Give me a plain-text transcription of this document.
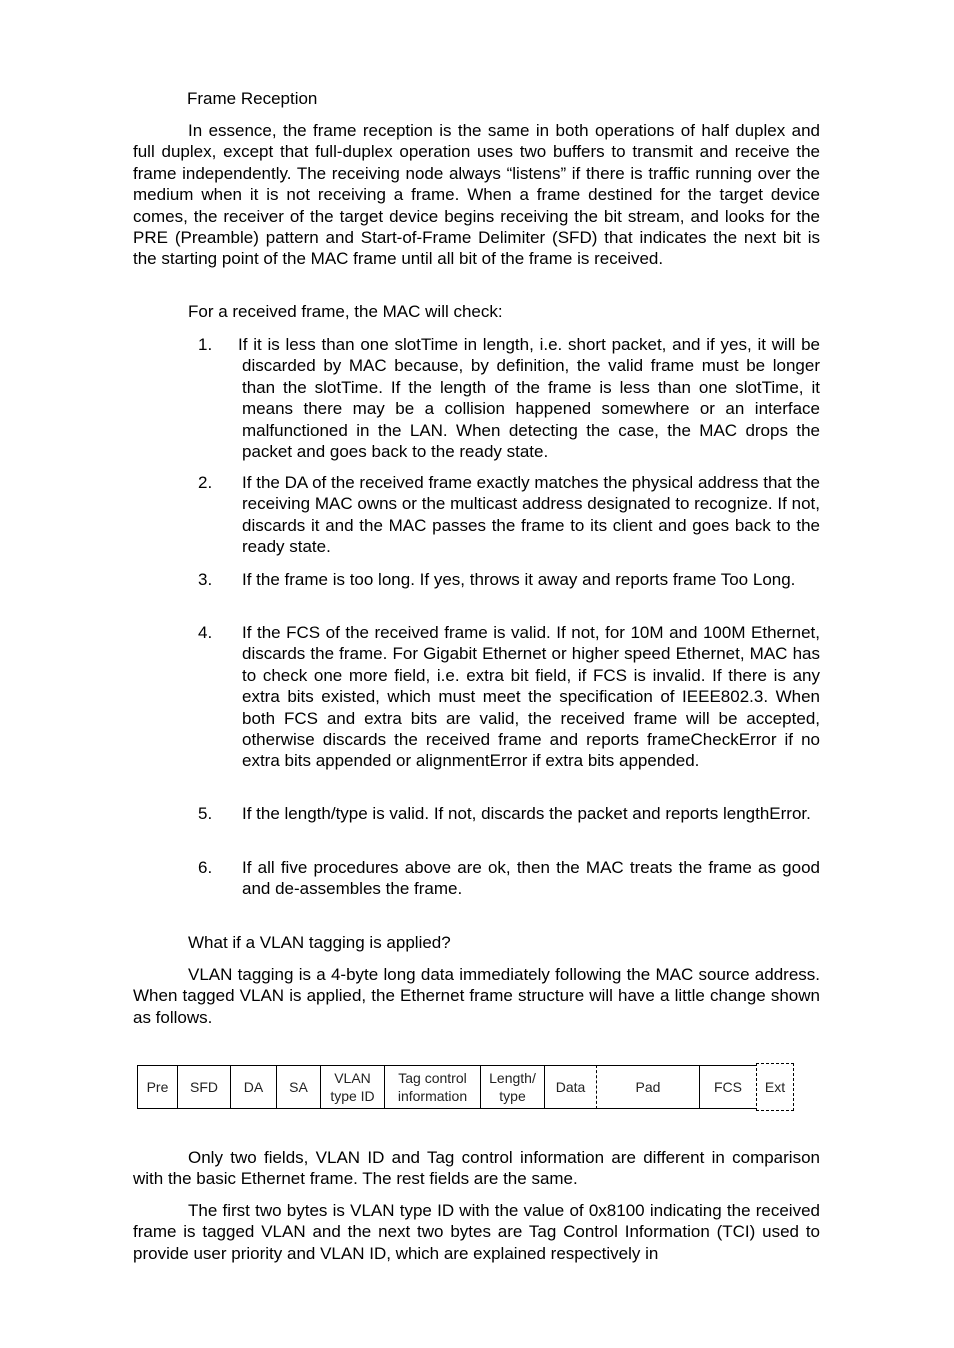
Frame Reception

In essence, the frame reception is the same in both operations of half duplex and full duplex, except that full-duplex operation uses two buffers to transmit and receive the frame independently. The receiving node always “listens” if there is traffic running over the medium when it is not receiving a frame. When a frame destined for the target device comes, the receiver of the target device begins receiving the bit stream, and looks for the PRE (Preamble) pattern and Start-of-Frame Delimiter (SFD) that indicates the next bit is the starting point of the MAC frame until all bit of the frame is received.

For a received frame, the MAC will check:
1. If it is less than one slotTime in length, i.e. short packet, and if yes, it will be discarded by MAC because, by definition, the valid frame must be longer than the slotTime. If the length of the frame is less than one slotTime, it means there may be a collision happened somewhere or an interface malfunctioned in the LAN. When detecting the case, the MAC drops the packet and goes back to the ready state.

2. If the DA of the received frame exactly matches the physical address that the receiving MAC owns or the multicast address designated to recognize. If not, discards it and the MAC passes the frame to its client and goes back to the ready state.

3. If the frame is too long. If yes, throws it away and reports frame Too Long.

4. If the FCS of the received frame is valid. If not, for 10M and 100M Ethernet, discards the frame. For Gigabit Ethernet or higher speed Ethernet, MAC has to check one more field, i.e. extra bit field, if FCS is invalid. If there is any extra bits existed, which must meet the specification of IEEE802.3. When both FCS and extra bits are valid, the received frame will be accepted, otherwise discards the received frame and reports frameCheckError if no extra bits appended or alignmentError if extra bits appended.

5. If the length/type is valid. If not, discards the packet and reports lengthError.

6. If all five procedures above are ok, then the MAC treats the frame as good and de-assembles the frame.

What if a VLAN tagging is applied?

VLAN tagging is a 4-byte long data immediately following the MAC source address. When tagged VLAN is applied, the Ethernet frame structure will have a little change shown as follows.

Pre SFD DA SA
VLAN
type ID
Tag control
information
Length/
type
Data	Pad	FCS Ext

Only two fields, VLAN ID and Tag control information are different in comparison with the basic Ethernet frame. The rest fields are the same.

The first two bytes is VLAN type ID with the value of 0x8100 indicating the received frame is tagged VLAN and the next two bytes are Tag Control Information (TCI) used to provide user priority and VLAN ID, which are explained respectively in
